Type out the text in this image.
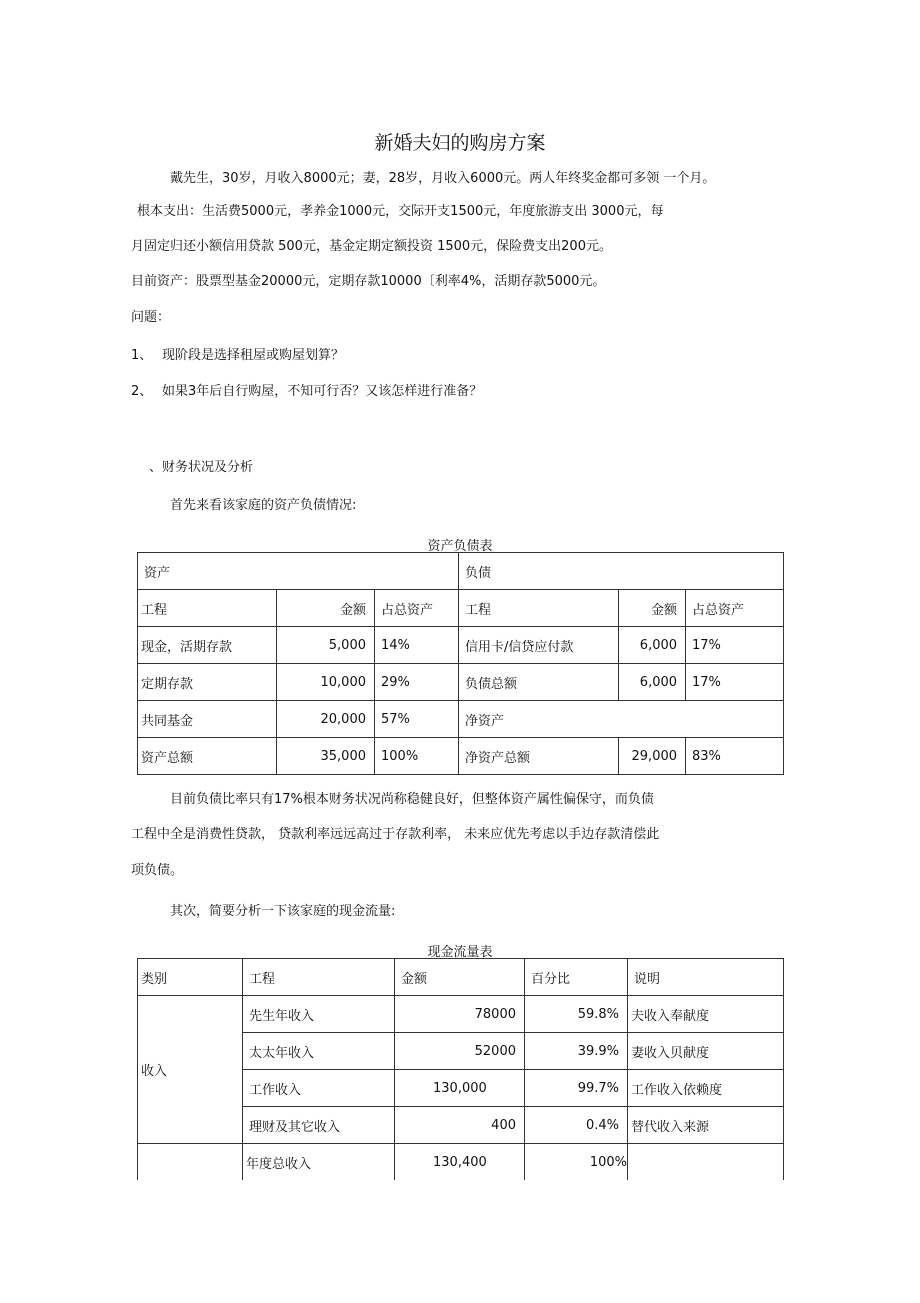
新婚夫妇的购房方案
戴先生，30岁，月收入8000元；妻，28岁，月收入6000元。两人年终奖金都可多领 一个月。
根本支出：生活费5000元，孝养金1000元，交际开支1500元，年度旅游支出 3000元，每
月固定归还小额信用贷款 500元，基金定期定额投资 1500元，保险费支出200元。
目前资产：股票型基金20000元，定期存款10000〔利率4%，活期存款5000元。
问题：
1、 现阶段是选择租屋或购屋划算？
2、 如果3年后自行购屋，不知可行否？又该怎样进行准备？
、财务状况及分析
首先来看该家庭的资产负债情况:
资产负债表
资产			负债		
工程	金额	占总资产	工程	金额	占总资产
现金，活期存款	5,000	14%	信用卡/信贷应付款	6,000	17%
定期存款	10,000	29%	负债总额	6,000	17%
共同基金	20,000	57%	净资产		
资产总额	35,000	100%	净资产总额	29,000	83%
目前负债比率只有17%根本财务状况尚称稳健良好，但整体资产属性偏保守，而负债
工程中全是消费性贷款， 贷款利率远远高过于存款利率， 未来应优先考虑以手边存款清偿此
项负债。
其次，简要分析一下该家庭的现金流量:
现金流量表
类别	工程	金额	百分比	说明
收入	先生年收入	78000	59.8%	夫收入奉献度
	太太年收入	52000	39.9%	妻收入贝献度
	工作收入	130,000	99.7%	工作收入依赖度
	理财及其它收入	400	0.4%	替代收入来源
	年度总收入	130,400	100%	
